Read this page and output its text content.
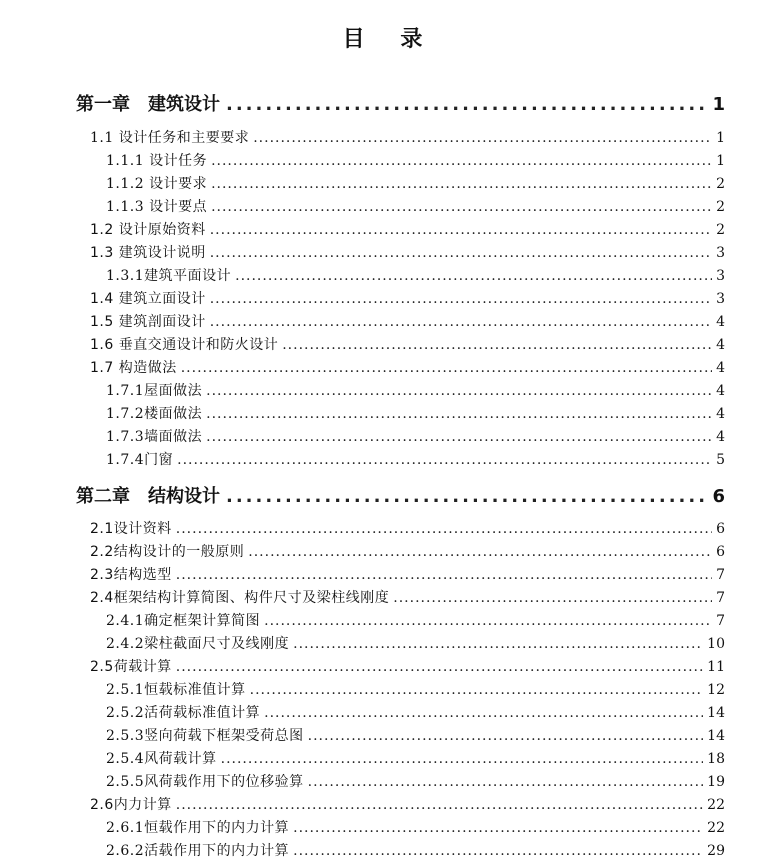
目 录
第一章　建筑设计 .....	1
1.1 设计任务和主要要求 .....	1
1.1.1 设计任务 .....	1
1.1.2 设计要求 .....	2
1.1.3 设计要点 .....	2
1.2 设计原始资料 .....	2
1.3 建筑设计说明 .....	3
1.3.1建筑平面设计 .....	3
1.4 建筑立面设计 .....	3
1.5 建筑剖面设计 .....	4
1.6 垂直交通设计和防火设计 .....	4
1.7 构造做法 .....	4
1.7.1屋面做法 .....	4
1.7.2楼面做法 .....	4
1.7.3墙面做法 .....	4
1.7.4门窗 .....	5
第二章　结构设计 .....	6
2.1设计资料 .....	6
2.2结构设计的一般原则 .....	6
2.3结构选型 .....	7
2.4框架结构计算简图、构件尺寸及梁柱线刚度 .....	7
2.4.1确定框架计算简图 .....	7
2.4.2梁柱截面尺寸及线刚度 .....	10
2.5荷载计算 .....	11
2.5.1恒载标准值计算 .....	12
2.5.2活荷载标准值计算 .....	14
2.5.3竖向荷载下框架受荷总图 .....	14
2.5.4风荷载计算 .....	18
2.5.5风荷载作用下的位移验算 .....	19
2.6内力计算 .....	22
2.6.1恒载作用下的内力计算 .....	22
2.6.2活载作用下的内力计算 .....	29
